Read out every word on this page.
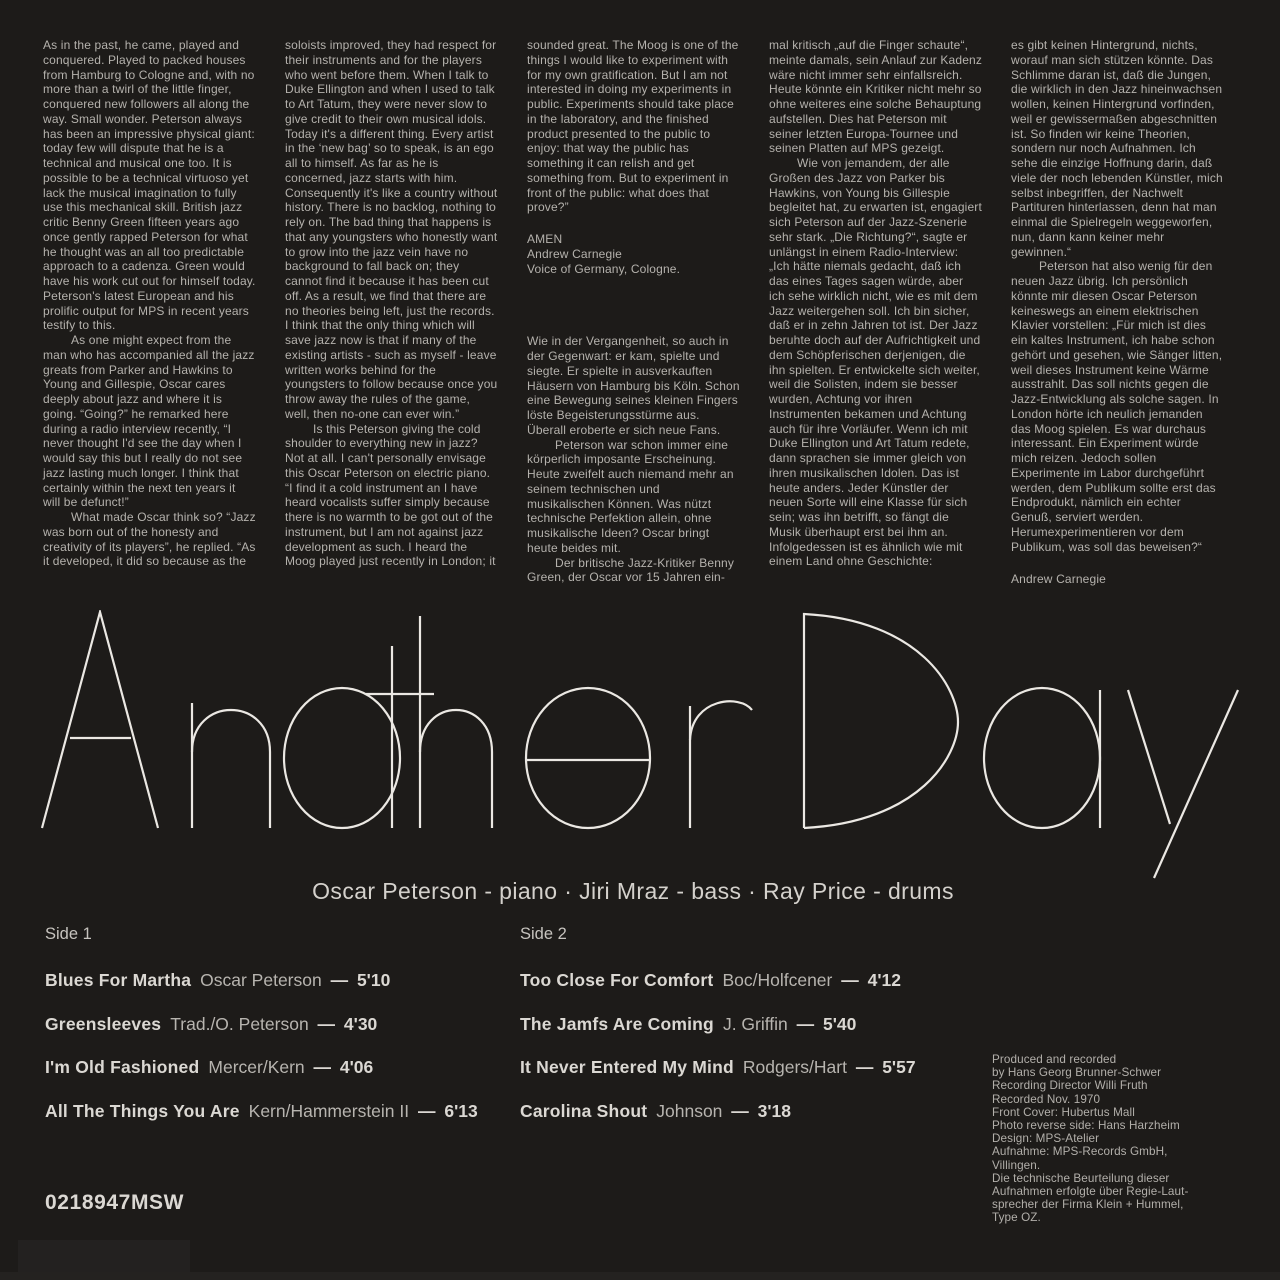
As in the past, he came, played and conquered. Played to packed houses from Hamburg to Cologne and, with no more than a twirl of the little finger, conquered new followers all along the way. Small wonder. Peterson always has been an impressive physical giant: today few will dispute that he is a technical and musical one too. It is possible to be a technical virtuoso yet lack the musical imagination to fully use this mechanical skill. British jazz critic Benny Green fifteen years ago once gently rapped Peterson for what he thought was an all too predictable approach to a cadenza. Green would have his work cut out for himself today. Peterson's latest European and his prolific output for MPS in recent years testify to this.

As one might expect from the man who has accompanied all the jazz greats from Parker and Hawkins to Young and Gillespie, Oscar cares deeply about jazz and where it is going. “Going?” he remarked here during a radio interview recently, “I never thought I'd see the day when I would say this but I really do not see jazz lasting much longer. I think that certainly within the next ten years it will be defunct!”

What made Oscar think so? “Jazz was born out of the honesty and creativity of its players”, he replied. “As it developed, it did so because as the

soloists improved, they had respect for their instruments and for the players who went before them. When I talk to Duke Ellington and when I used to talk to Art Tatum, they were never slow to give credit to their own musical idols. Today it's a different thing. Every artist in the ‘new bag’ so to speak, is an ego all to himself. As far as he is concerned, jazz starts with him. Consequently it's like a country without history. There is no backlog, nothing to rely on. The bad thing that happens is that any youngsters who honestly want to grow into the jazz vein have no background to fall back on; they cannot find it because it has been cut off. As a result, we find that there are no theories being left, just the records. I think that the only thing which will save jazz now is that if many of the existing artists - such as myself - leave written works behind for the youngsters to follow because once you throw away the rules of the game, well, then no-one can ever win.”

Is this Peterson giving the cold shoulder to everything new in jazz? Not at all. I can't personally envisage this Oscar Peterson on electric piano. “I find it a cold instrument an I have heard vocalists suffer simply because there is no warmth to be got out of the instrument, but I am not against jazz development as such. I heard the Moog played just recently in London; it

sounded great. The Moog is one of the things I would like to experiment with for my own gratification. But I am not interested in doing my experiments in public. Experiments should take place in the laboratory, and the finished product presented to the public to enjoy: that way the public has something it can relish and get something from. But to experiment in front of the public: what does that prove?”

AMEN

Andrew Carnegie

Voice of Germany, Cologne.

Wie in der Vergangenheit, so auch in der Gegenwart: er kam, spielte und siegte. Er spielte in ausverkauften Häusern von Hamburg bis Köln. Schon eine Bewegung seines kleinen Fingers löste Begeisterungsstürme aus. Überall eroberte er sich neue Fans.

Peterson war schon immer eine körperlich imposante Erscheinung. Heute zweifelt auch niemand mehr an seinem technischen und musikalischen Können. Was nützt technische Perfektion allein, ohne musikalische Ideen? Oscar bringt heute beides mit.

Der britische Jazz-Kritiker Benny Green, der Oscar vor 15 Jahren ein-

mal kritisch „auf die Finger schaute“, meinte damals, sein Anlauf zur Kadenz wäre nicht immer sehr einfallsreich. Heute könnte ein Kritiker nicht mehr so ohne weiteres eine solche Behauptung aufstellen. Dies hat Peterson mit seiner letzten Europa-Tournee und seinen Platten auf MPS gezeigt.

Wie von jemandem, der alle Großen des Jazz von Parker bis Hawkins, von Young bis Gillespie begleitet hat, zu erwarten ist, engagiert sich Peterson auf der Jazz-Szenerie sehr stark. „Die Richtung?“, sagte er unlängst in einem Radio-Interview: „Ich hätte niemals gedacht, daß ich das eines Tages sagen würde, aber ich sehe wirklich nicht, wie es mit dem Jazz weitergehen soll. Ich bin sicher, daß er in zehn Jahren tot ist. Der Jazz beruhte doch auf der Aufrichtigkeit und dem Schöpferischen derjenigen, die ihn spielten. Er entwickelte sich weiter, weil die Solisten, indem sie besser wurden, Achtung vor ihren Instrumenten bekamen und Achtung auch für ihre Vorläufer. Wenn ich mit Duke Ellington und Art Tatum redete, dann sprachen sie immer gleich von ihren musikalischen Idolen. Das ist heute anders. Jeder Künstler der neuen Sorte will eine Klasse für sich sein; was ihn betrifft, so fängt die Musik überhaupt erst bei ihm an. Infolgedessen ist es ähnlich wie mit einem Land ohne Geschichte:

es gibt keinen Hintergrund, nichts, worauf man sich stützen könnte. Das Schlimme daran ist, daß die Jungen, die wirklich in den Jazz hineinwachsen wollen, keinen Hintergrund vorfinden, weil er gewissermaßen abgeschnitten ist. So finden wir keine Theorien, sondern nur noch Aufnahmen. Ich sehe die einzige Hoffnung darin, daß viele der noch lebenden Künstler, mich selbst inbegriffen, der Nachwelt Partituren hinterlassen, denn hat man einmal die Spielregeln weggeworfen, nun, dann kann keiner mehr gewinnen.“

Peterson hat also wenig für den neuen Jazz übrig. Ich persönlich könnte mir diesen Oscar Peterson keineswegs an einem elektrischen Klavier vorstellen: „Für mich ist dies ein kaltes Instrument, ich habe schon gehört und gesehen, wie Sänger litten, weil dieses Instrument keine Wärme ausstrahlt. Das soll nichts gegen die Jazz-Entwicklung als solche sagen. In London hörte ich neulich jemanden das Moog spielen. Es war durchaus interessant. Ein Experiment würde mich reizen. Jedoch sollen Experimente im Labor durchgeführt werden, dem Publikum sollte erst das Endprodukt, nämlich ein echter Genuß, serviert werden. Herumexperimentieren vor dem Publikum, was soll das beweisen?“

Andrew Carnegie

Oscar Peterson - piano · Jiri Mraz - bass · Ray Price - drums

Side 1

Blues For Martha Oscar Peterson — 5'10
Greensleeves Trad./O. Peterson — 4'30
I'm Old Fashioned Mercer/Kern — 4'06
All The Things You Are Kern/Hammerstein II — 6'13

Side 2

Too Close For Comfort Boc/Holfcener — 4'12
The Jamfs Are Coming J. Griffin — 5'40
It Never Entered My Mind Rodgers/Hart — 5'57
Carolina Shout Johnson — 3'18
Produced and recorded
by Hans Georg Brunner-Schwer
Recording Director Willi Fruth
Recorded Nov. 1970
Front Cover: Hubertus Mall
Photo reverse side: Hans Harzheim
Design: MPS-Atelier
Aufnahme: MPS-Records GmbH,
Villingen.
Die technische Beurteilung dieser
Aufnahmen erfolgte über Regie-Laut-
sprecher der Firma Klein + Hummel,
Type OZ.
0218947MSW
